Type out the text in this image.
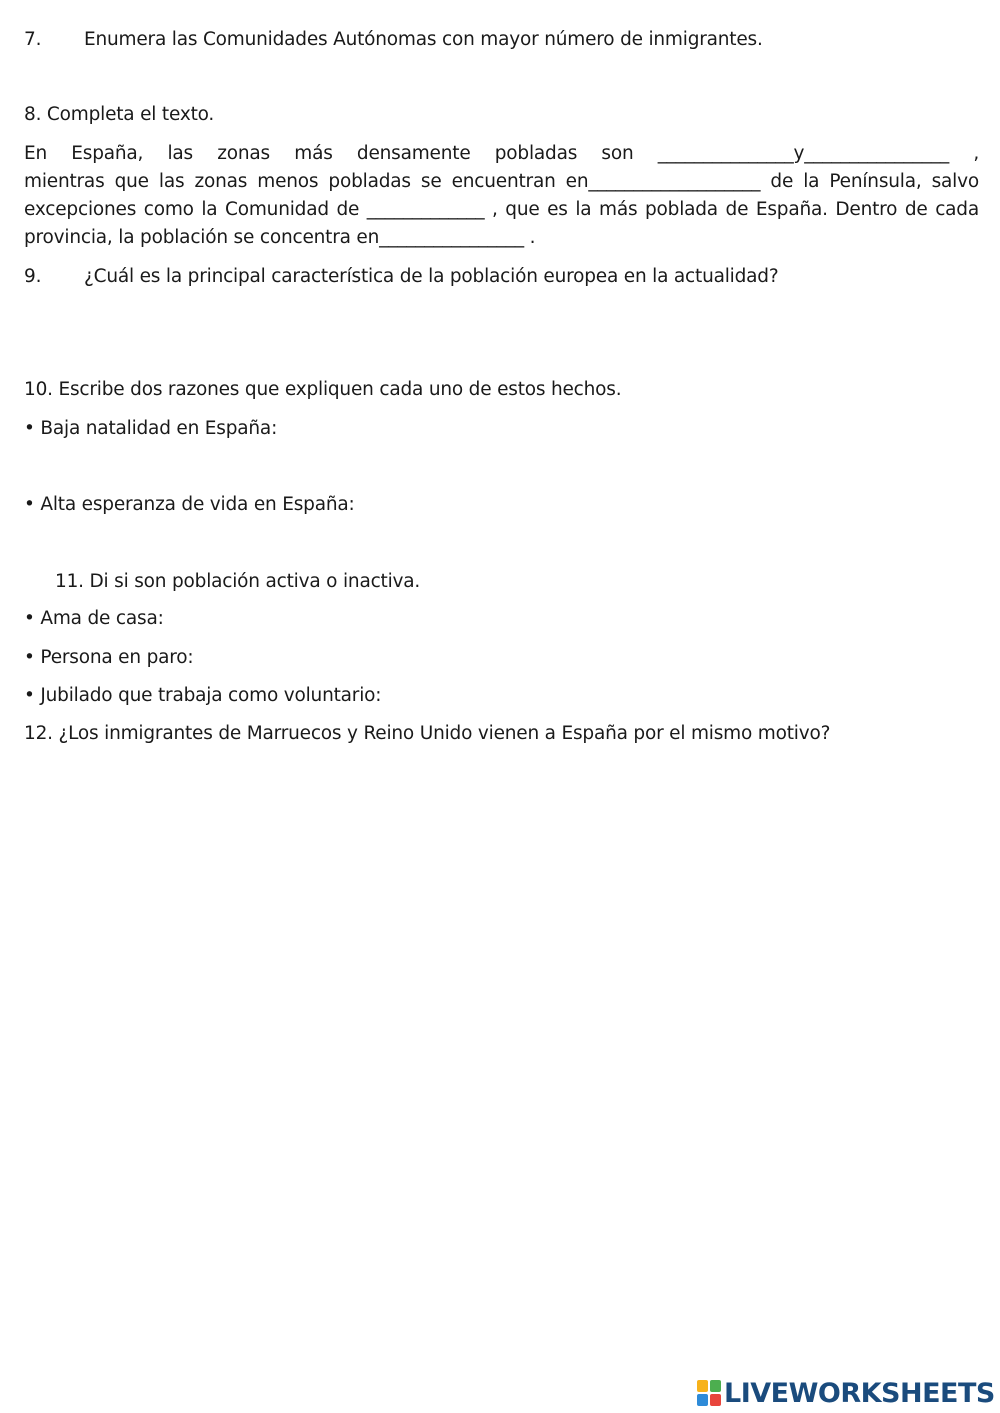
7. Enumera las Comunidades Autónomas con mayor número de inmigrantes.
8. Completa el texto.
En España, las zonas más densamente pobladas son _______________y________________ ,
mientras que las zonas menos pobladas se encuentran en___________________ de la Península, salvo
excepciones como la Comunidad de _____________ , que es la más poblada de España. Dentro de cada
provincia, la población se concentra en________________ .
9. ¿Cuál es la principal característica de la población europea en la actualidad?
10. Escribe dos razones que expliquen cada uno de estos hechos.
• Baja natalidad en España:
• Alta esperanza de vida en España:
11. Di si son población activa o inactiva.
• Ama de casa:
• Persona en paro:
• Jubilado que trabaja como voluntario:
12. ¿Los inmigrantes de Marruecos y Reino Unido vienen a España por el mismo motivo?
LIVEWORKSHEETS
